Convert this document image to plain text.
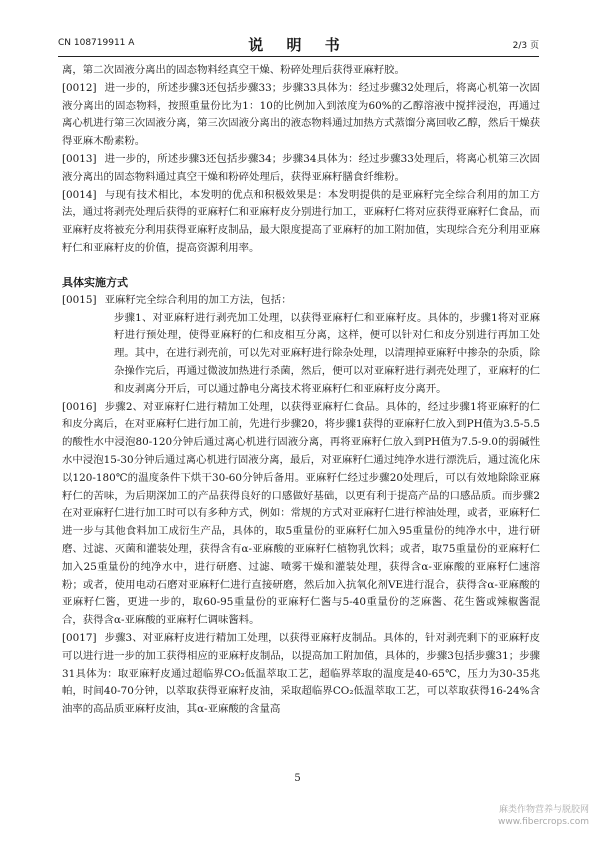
CN 108719911 A	说 明 书	2/3 页

离，第二次固液分离出的固态物料经真空干燥、粉碎处理后获得亚麻籽胶。

[0012] 进一步的，所述步骤3还包括步骤33；步骤33具体为：经过步骤32处理后，将离心机第一次固液分离出的固态物料，按照重量份比为1：10的比例加入到浓度为60%的乙醇溶液中搅拌浸泡，再通过离心机进行第三次固液分离，第三次固液分离出的液态物料通过加热方式蒸馏分离回收乙醇，然后干燥获得亚麻木酚素粉。

[0013] 进一步的，所述步骤3还包括步骤34；步骤34具体为：经过步骤33处理后，将离心机第三次固液分离出的固态物料通过真空干燥和粉碎处理后，获得亚麻籽膳食纤维粉。

[0014] 与现有技术相比，本发明的优点和积极效果是：本发明提供的是亚麻籽完全综合利用的加工方法，通过将剥壳处理后获得的亚麻籽仁和亚麻籽皮分别进行加工，亚麻籽仁将对应获得亚麻籽仁食品，而亚麻籽皮将被充分利用获得亚麻籽皮制品，最大限度提高了亚麻籽的加工附加值，实现综合充分利用亚麻籽仁和亚麻籽皮的价值，提高资源利用率。

具体实施方式

[0015] 亚麻籽完全综合利用的加工方法，包括：

步骤1、对亚麻籽进行剥壳加工处理，以获得亚麻籽仁和亚麻籽皮。具体的，步骤1将对亚麻籽进行预处理，使得亚麻籽的仁和皮相互分离，这样，便可以针对仁和皮分别进行再加工处理。其中，在进行剥壳前，可以先对亚麻籽进行除杂处理，以清理掉亚麻籽中掺杂的杂质，除杂操作完后，再通过微波加热进行杀菌，然后，便可以对亚麻籽进行剥壳处理了，亚麻籽的仁和皮剥离分开后，可以通过静电分离技术将亚麻籽仁和亚麻籽皮分离开。

[0016] 步骤2、对亚麻籽仁进行精加工处理，以获得亚麻籽仁食品。具体的，经过步骤1将亚麻籽的仁和皮分离后，在对亚麻籽仁进行加工前，先进行步骤20，将步骤1获得的亚麻籽仁放入到PH值为3.5-5.5的酸性水中浸泡80-120分钟后通过离心机进行固液分离，再将亚麻籽仁放入到PH值为7.5-9.0的弱碱性水中浸泡15-30分钟后通过离心机进行固液分离，最后，对亚麻籽仁通过纯净水进行漂洗后，通过流化床以120-180℃的温度条件下烘干30-60分钟后备用。亚麻籽仁经过步骤20处理后，可以有效地除除亚麻籽仁的苦味，为后期深加工的产品获得良好的口感做好基础，以更有利于提高产品的口感品质。而步骤2在对亚麻籽仁进行加工时可以有多种方式，例如：常规的方式对亚麻籽仁进行榨油处理，或者，亚麻籽仁进一步与其他食料加工成衍生产品，具体的，取5重量份的亚麻籽仁加入95重量份的纯净水中，进行研磨、过滤、灭菌和灌装处理，获得含有α-亚麻酸的亚麻籽仁植物乳饮料；或者，取75重量份的亚麻籽仁加入25重量份的纯净水中，进行研磨、过滤、喷雾干燥和灌装处理，获得含α-亚麻酸的亚麻籽仁速溶粉；或者，使用电动石磨对亚麻籽仁进行直接研磨，然后加入抗氧化剂VE进行混合，获得含α-亚麻酸的亚麻籽仁酱，更进一步的，取60-95重量份的亚麻籽仁酱与5-40重量份的芝麻酱、花生酱或辣椒酱混合，获得含α-亚麻酸的亚麻籽仁调味酱料。

[0017] 步骤3、对亚麻籽皮进行精加工处理，以获得亚麻籽皮制品。具体的，针对剥壳剩下的亚麻籽皮可以进行进一步的加工获得相应的亚麻籽皮制品，以提高加工附加值，具体的，步骤3包括步骤31；步骤31具体为：取亚麻籽皮通过超临界CO₂低温萃取工艺，超临界萃取的温度是40-65℃，压力为30-35兆帕，时间40-70分钟，以萃取获得亚麻籽皮油，采取超临界CO₂低温萃取工艺，可以萃取获得16-24%含油率的高品质亚麻籽皮油，其α-亚麻酸的含量高

5
麻类作物营养与脱胶网
www.fibercrops.com
